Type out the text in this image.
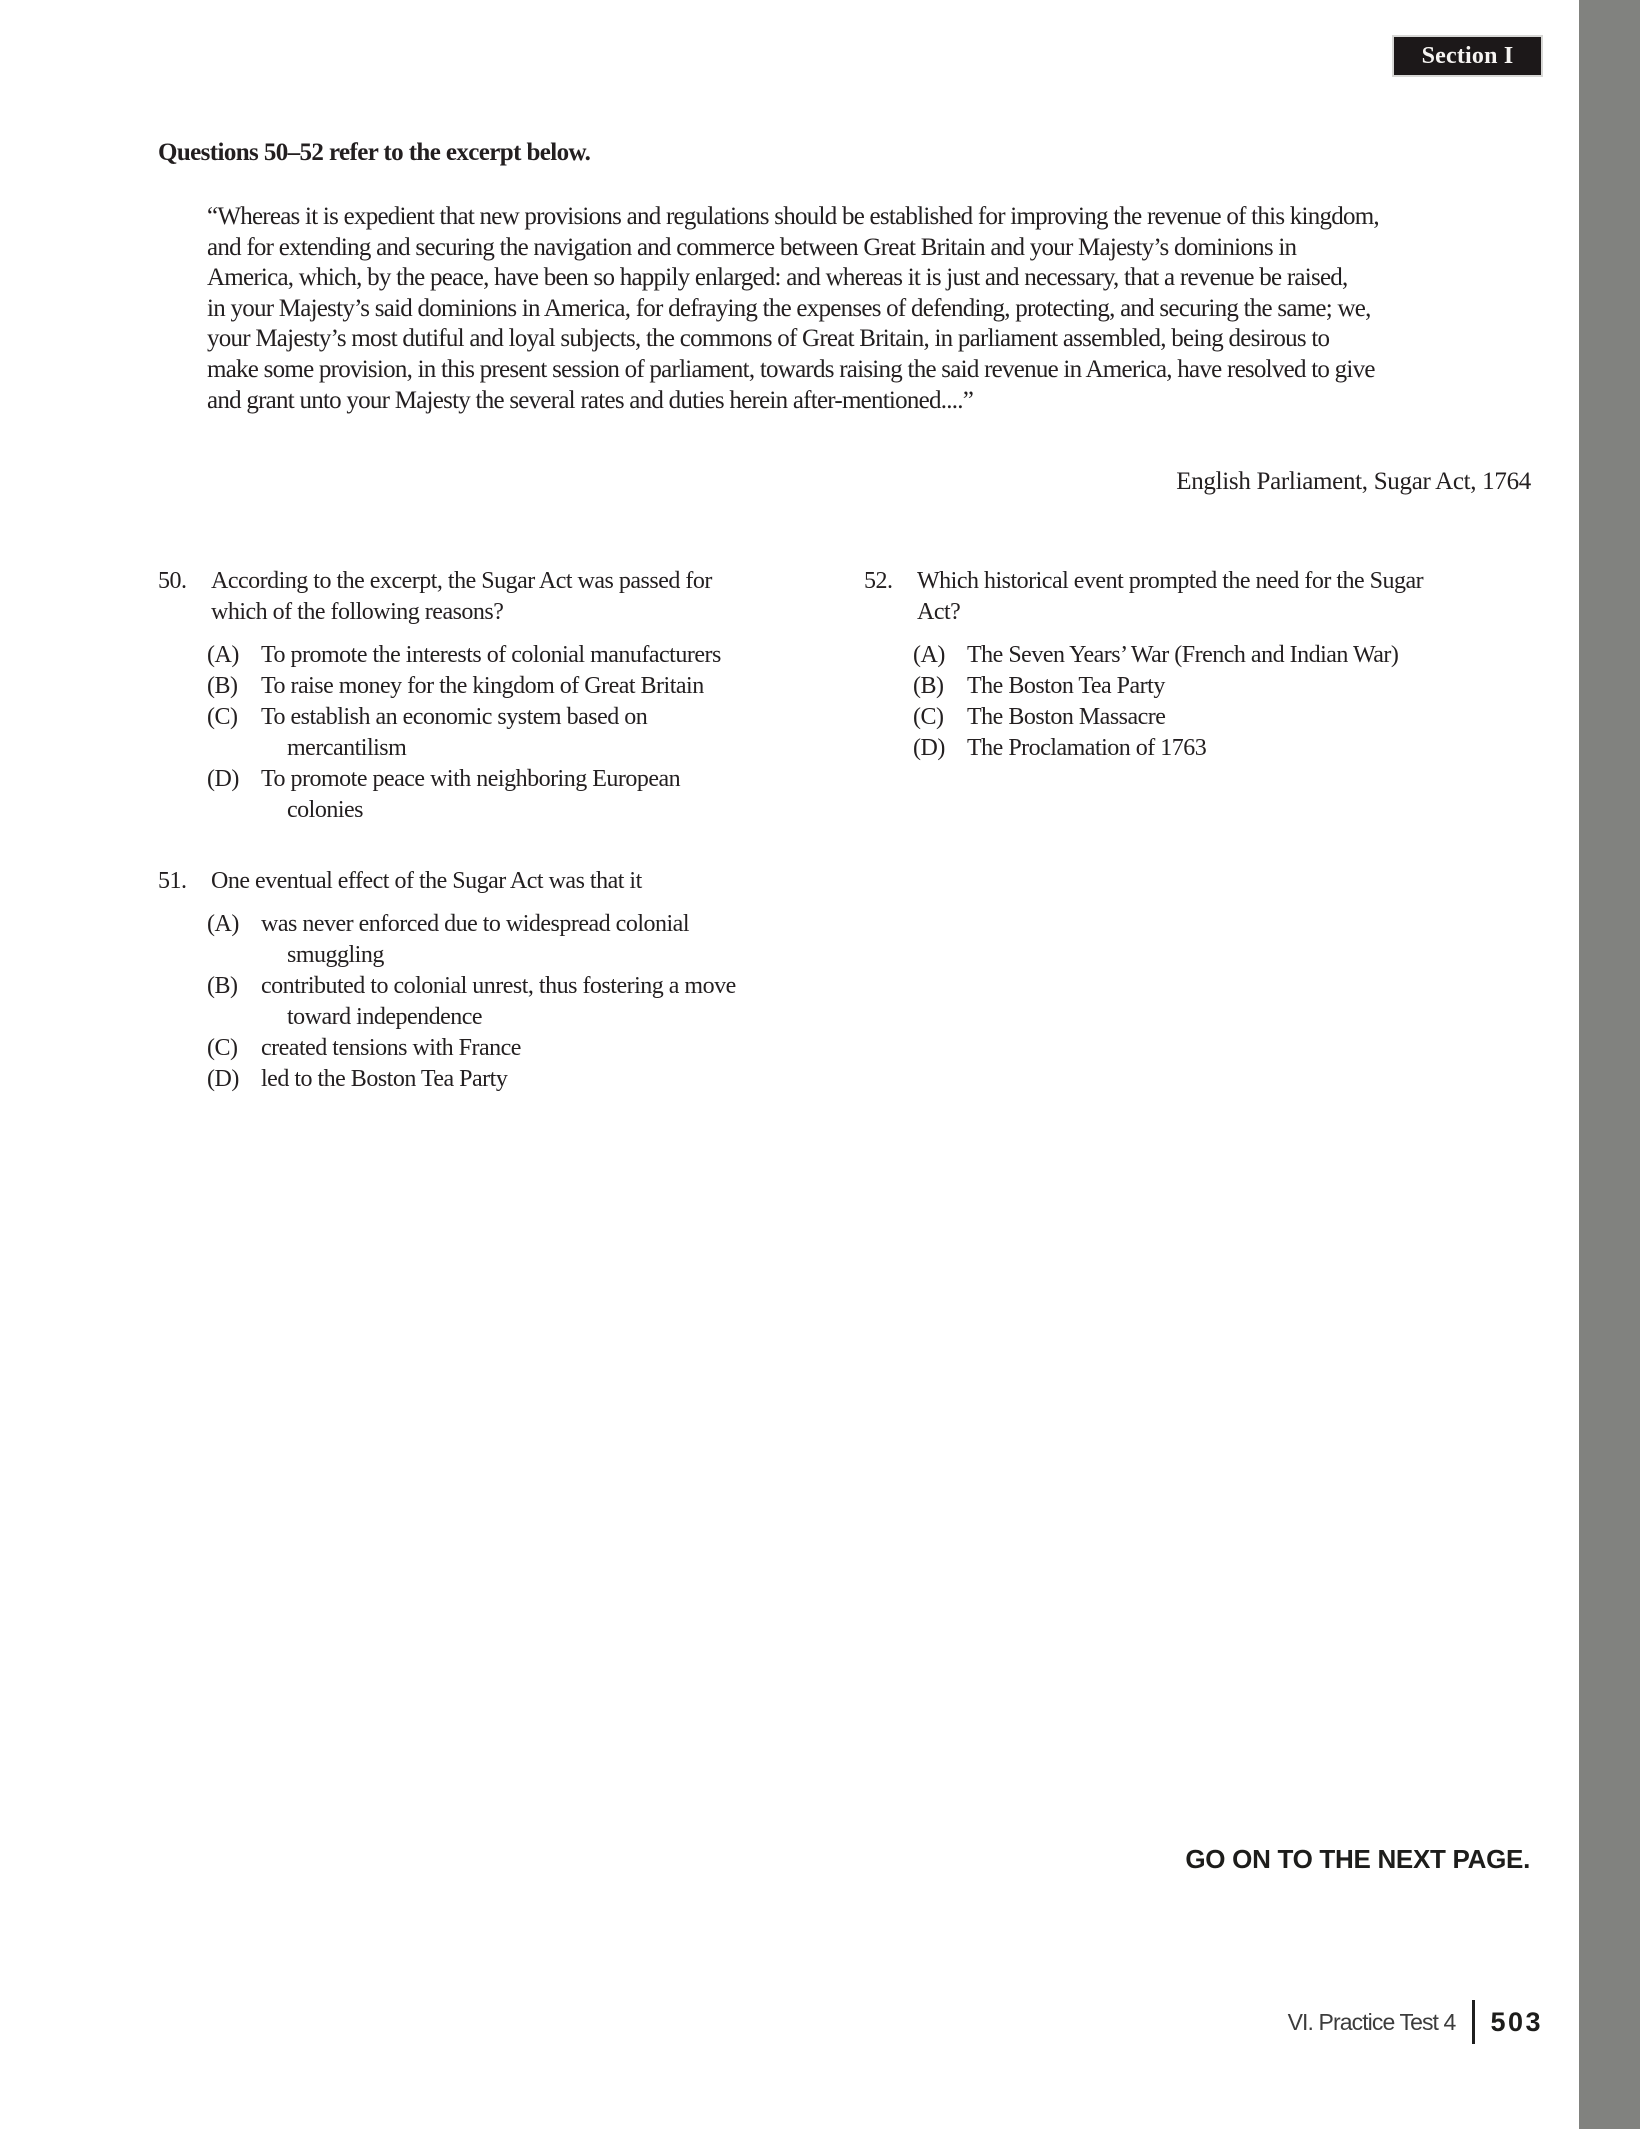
Section I
Questions 50–52 refer to the excerpt below.
“Whereas it is expedient that new provisions and regulations should be established for improving the revenue of this kingdom,
and for extending and securing the navigation and commerce between Great Britain and your Majesty’s dominions in
America, which, by the peace, have been so happily enlarged: and whereas it is just and necessary, that a revenue be raised,
in your Majesty’s said dominions in America, for defraying the expenses of defending, protecting, and securing the same; we,
your Majesty’s most dutiful and loyal subjects, the commons of Great Britain, in parliament assembled, being desirous to
make some provision, in this present session of parliament, towards raising the said revenue in America, have resolved to give
and grant unto your Majesty the several rates and duties herein after-mentioned....”
English Parliament, Sugar Act, 1764
50.	According to the excerpt, the Sugar Act was passed for
which of the following reasons?
(A) To promote the interests of colonial manufacturers
(B) To raise money for the kingdom of Great Britain
(C) To establish an economic system based on
mercantilism
(D) To promote peace with neighboring European
colonies
51.	One eventual effect of the Sugar Act was that it
(A) was never enforced due to widespread colonial
smuggling
(B) contributed to colonial unrest, thus fostering a move
toward independence
(C) created tensions with France
(D) led to the Boston Tea Party
52.	Which historical event prompted the need for the Sugar
Act?
(A) The Seven Years’ War (French and Indian War)
(B) The Boston Tea Party
(C) The Boston Massacre
(D) The Proclamation of 1763
GO ON TO THE NEXT PAGE.
VI. Practice Test 4 503
